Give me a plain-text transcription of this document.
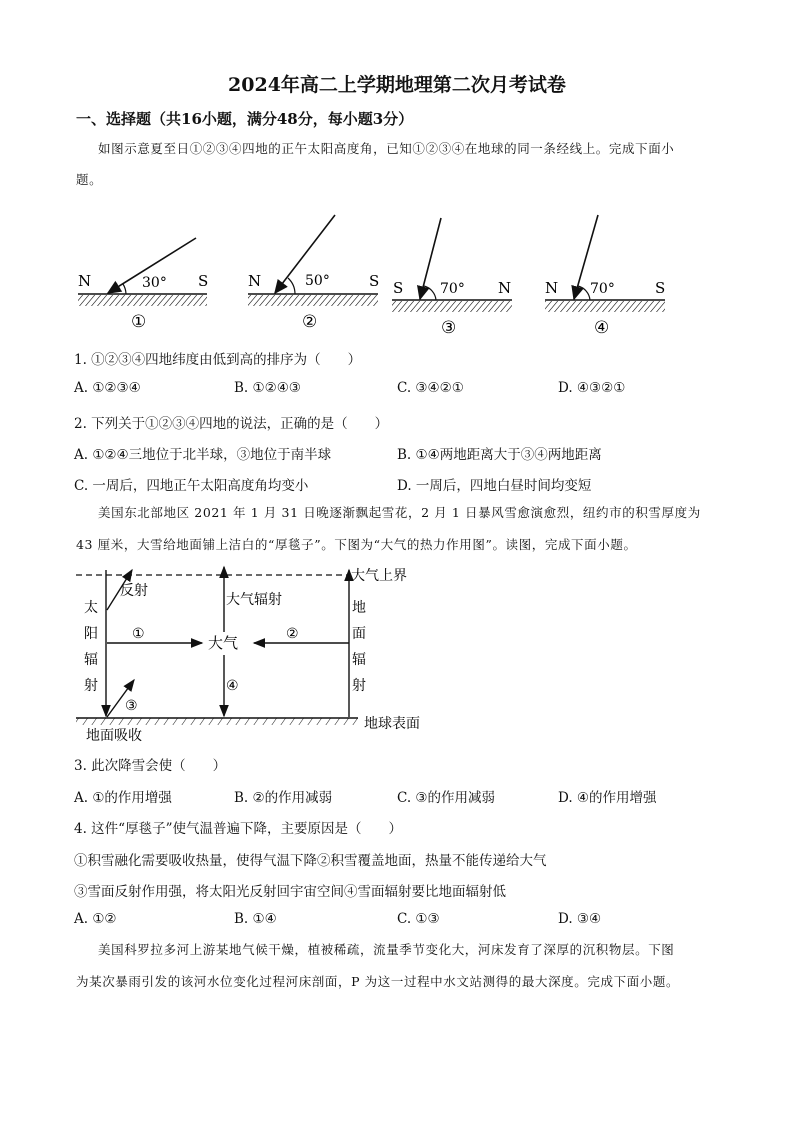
2024年高二上学期地理第二次月考试卷
一、选择题（共16小题，满分48分，每小题3分）
如图示意夏至日①②③④四地的正午太阳高度角，已知①②③④在地球的同一条经线上。完成下面小
题。
N	S
30°
①
N	S
50°
②
S	N
70°
③
N	S
70°
④
1. ①②③④四地纬度由低到高的排序为（　　）
A. ①②③④	B. ①②④③	C. ③④②①	D. ④③②①
2. 下列关于①②③④四地的说法，正确的是（　　）
A. ①②④三地位于北半球，③地位于南半球	B. ①④两地距离大于③④两地距离
C. 一周后，四地正午太阳高度角均变小	D. 一周后，四地白昼时间均变短
美国东北部地区 2021 年 1 月 31 日晚逐渐飘起雪花，2 月 1 日暴风雪愈演愈烈，纽约市的积雪厚度为
43 厘米，大雪给地面铺上洁白的“厚毯子”。下图为“大气的热力作用图”。读图，完成下面小题。
大气上界
地球表面
反射
太
阳
辐
射
①	大气
大气辐射
④
②
地
面
辐
射
③
地面吸收
3. 此次降雪会使（　　）
A. ①的作用增强	B. ②的作用减弱	C. ③的作用减弱	D. ④的作用增强
4. 这件“厚毯子”使气温普遍下降，主要原因是（　　）
①积雪融化需要吸收热量，使得气温下降②积雪覆盖地面，热量不能传递给大气
③雪面反射作用强，将太阳光反射回宇宙空间④雪面辐射要比地面辐射低
A. ①②	B. ①④	C. ①③	D. ③④
美国科罗拉多河上游某地气候干燥，植被稀疏，流量季节变化大，河床发育了深厚的沉积物层。下图
为某次暴雨引发的该河水位变化过程河床剖面，P 为这一过程中水文站测得的最大深度。完成下面小题。
